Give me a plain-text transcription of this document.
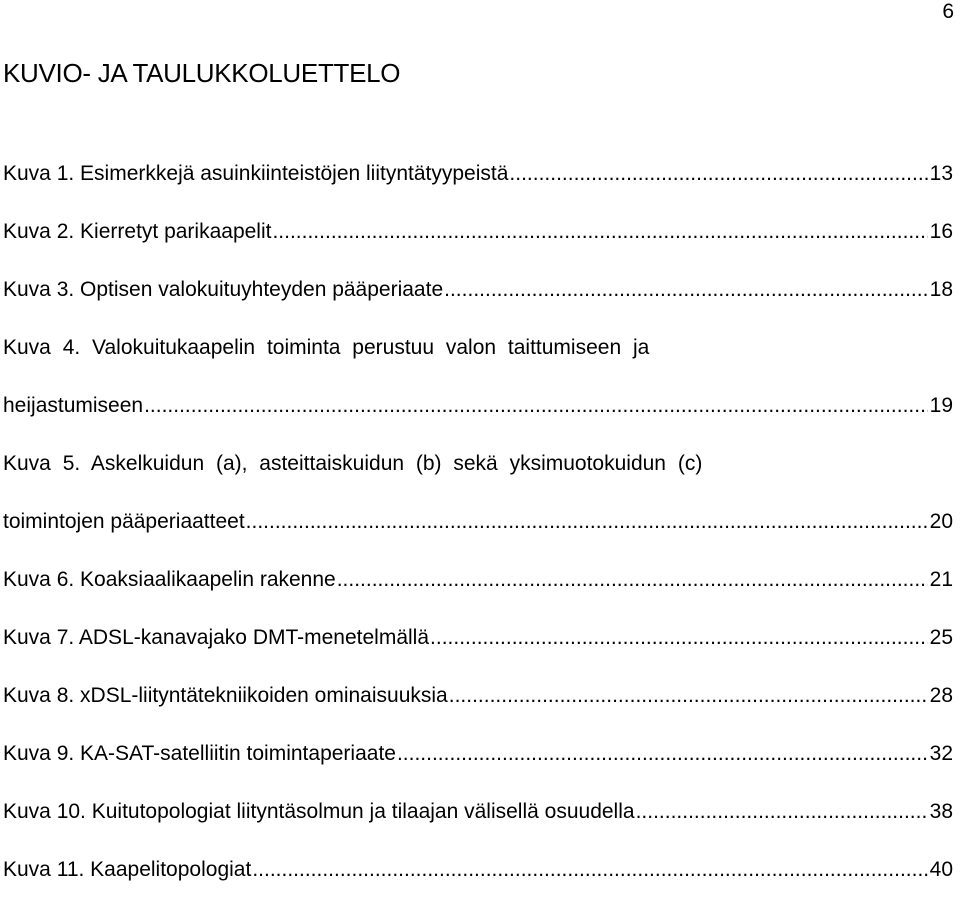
6
KUVIO- JA TAULUKKOLUETTELO
Kuva 1. Esimerkkejä asuinkiinteistöjen liityntätyypeistä .....	13
Kuva 2. Kierretyt parikaapelit .....	16
Kuva 3. Optisen valokuituyhteyden pääperiaate .....	18
Kuva 4. Valokuitukaapelin toiminta perustuu valon taittumiseen ja
heijastumiseen .....	19
Kuva 5. Askelkuidun (a), asteittaiskuidun (b) sekä yksimuotokuidun (c)
toimintojen pääperiaatteet .....	20
Kuva 6. Koaksiaalikaapelin rakenne .....	21
Kuva 7. ADSL-kanavajako DMT-menetelmällä .....	25
Kuva 8. xDSL-liityntätekniikoiden ominaisuuksia .....	28
Kuva 9. KA-SAT-satelliitin toimintaperiaate .....	32
Kuva 10. Kuitutopologiat liityntäsolmun ja tilaajan välisellä osuudella .....	38
Kuva 11. Kaapelitopologiat .....	40
